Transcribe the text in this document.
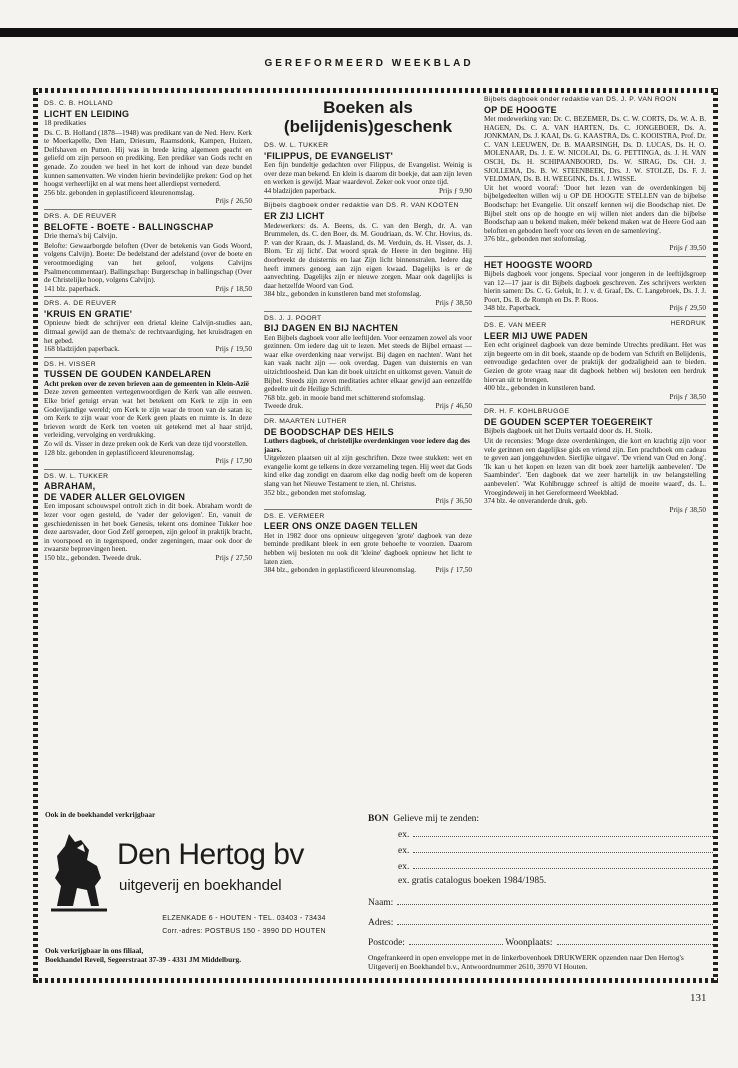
GEREFORMEERD WEEKBLAD
DS. C. B. HOLLAND
LICHT EN LEIDING
18 predikaties

Ds. C. B. Holland (1878—1948) was predikant van de Ned. Herv. Kerk te Moerkapelle, Den Ham, Driesum, Raamsdonk, Kampen, Huizen, Delfshaven en Putten. Hij was in brede kring algemeen geacht en geliefd om zijn persoon en prediking. Een prediker van Gods recht en genade. Zo zouden we heel in het kort de inhoud van deze bundel kunnen samenvatten. We vinden hierin bevindelijke preken: God op het hoogst verheerlijkt en al wat mens heet allerdiepst vernederd.

256 blz. gebonden in geplastificeerd kleurenomslag.
Prijs ƒ 26,50
DRS. A. DE REUVER
BELOFTE - BOETE - BALLINGSCHAP
Drie thema's bij Calvijn.

Belofte: Gewaarborgde beloften (Over de betekenis van Gods Woord, volgens Calvijn). Boete: De bedelstand der adelstand (over de boete en verootmoediging van het geloof, volgens Calvijns Psalmencommentaar). Ballingschap: Burgerschap in ballingschap (Over de Christelijke hoop, volgens Calvijn).

141 blz. paperback.	Prijs ƒ 18,50
DRS. A. DE REUVER
'KRUIS EN GRATIE'

Opnieuw biedt de schrijver een drietal kleine Calvijn-studies aan, ditmaal gewijd aan de thema's: de rechtvaardiging, het kruisdragen en het gebed.

168 bladzijden paperback.	Prijs ƒ 19,50
DS. H. VISSER
TUSSEN DE GOUDEN KANDELAREN
Acht preken over de zeven brieven aan de gemeenten in Klein-Azië

Deze zeven gemeenten vertegenwoordigen de Kerk van alle eeuwen. Elke brief getuigt ervan wat het betekent om Kerk te zijn in een Godevijandige wereld; om Kerk te zijn waar de troon van de satan is; om Kerk te zijn waar voor de Kerk geen plaats en ruimte is. In deze brieven wordt de Kerk ten voeten uit getekend met al haar strijd, verleiding, vervolging en verdrukking.

Zo wil ds. Visser in deze preken ook de Kerk van deze tijd voorstellen.

128 blz. gebonden in geplastificeerd kleurenomslag.
Prijs ƒ 17,90
DS. W. L. TUKKER
ABRAHAM,
DE VADER ALLER GELOVIGEN

Een imposant schouwspel ontrolt zich in dit boek. Abraham wordt de lezer voor ogen gesteld, de 'vader der gelovigen'. En, vanuit de geschiedenissen in het boek Genesis, tekent ons dominee Tukker hoe deze aartsvader, door God Zelf geroepen, zijn geloof in praktijk bracht, in voorspoed en in tegenspoed, onder zegeningen, maar ook door de zwaarste beproevingen heen.

150 blz., gebonden. Tweede druk.	Prijs ƒ 27,50
Boeken als
(belijdenis)geschenk
DS. W. L. TUKKER
'FILIPPUS, DE EVANGELIST'

Een fijn bundeltje gedachten over Filippus, de Evangelist. Weinig is over deze man bekend. En klein is daarom dit boekje, dat aan zijn leven en werken is gewijd. Maar waardevol. Zeker ook voor onze tijd.

44 bladzijden paperback.	Prijs ƒ 9,90
Bijbels dagboek onder redaktie van DS. R. VAN KOOTEN
ER ZIJ LICHT

Medewerkers: ds. A. Beens, ds. C. van den Bergh, dr. A. van Brummelen, ds. C. den Boer, ds. M. Goudriaan, ds. W. Chr. Hovius, ds. P. van der Kraan, ds. J. Maasland, ds. M. Verduin, ds. H. Visser, ds. J. Blom. 'Er zij licht'. Dat woord sprak de Heere in den beginne. Hij doorbreekt de duisternis en laat Zijn licht binnenstralen. Iedere dag heeft immers genoeg aan zijn eigen kwaad. Dagelijks is er de aanvechting. Dagelijks zijn er nieuwe zorgen. Maar ook dagelijks is daar hetzelfde Woord van God.

384 blz., gebonden in kunstleren band met stofomslag.
Prijs ƒ 38,50
DS. J. J. POORT
BIJ DAGEN EN BIJ NACHTEN

Een Bijbels dagboek voor alle leeftijden. Voor eenzamen zowel als voor gezinnen. Om iedere dag uit te lezen. Met steeds de Bijbel ernaast — waar elke overdenking naar verwijst. Bij dagen en nachten'. Want het kan vaak nacht zijn — ook overdag. Dagen van duisternis en van uitzichtloosheid. Dan kan dit boek uitzicht en uitkomst geven. Vanuit de Bijbel. Steeds zijn zeven meditaties achter elkaar gewijd aan eenzelfde gedeelte uit de Heilige Schrift.

768 blz. geb. in mooie band met schitterend stofomslag.
Tweede druk.	Prijs ƒ 46,50
DR. MAARTEN LUTHER
DE BOODSCHAP DES HEILS
Luthers dagboek, of christelijke overdenkingen voor iedere dag des jaars.

Uitgelezen plaatsen uit al zijn geschriften. Deze twee stukken: wet en evangelie komt ge telkens in deze verzameling tegen. Hij weet dat Gods kind elke dag zondigt en daarom elke dag nodig heeft om de koperen slang van het Nieuwe Testament te zien, nl. Christus.

352 blz., gebonden met stofomslag.
Prijs ƒ 36,50
DS. E. VERMEER
LEER ONS ONZE DAGEN TELLEN

Het in 1982 door ons opnieuw uitgegeven 'grote' dagboek van deze beminde predikant bleek in een grote behoefte te voorzien. Daarom hebben wij besloten nu ook dit 'kleine' dagboek opnieuw het licht te laten zien.

384 blz., gebonden in geplastificeerd kleurenomslag.	Prijs ƒ 17,50
Bijbels dagboek onder redaktie van DS. J. P. VAN ROON
OP DE HOOGTE

Met medewerking van: Dr. C. BEZEMER, Ds. C. W. CORTS, Ds. W. A. B. HAGEN, Ds. C. A. VAN HARTEN, Ds. C. JONGEBOER, Ds. A. JONKMAN, Ds. J. KAAI, Ds. G. KAASTRA, Ds. C. KOOISTRA, Prof. Dr. C. VAN LEEUWEN, Dr. B. MAARSINGH, Ds. D. LUCAS, Ds. H. O. MOLENAAR, Ds. J. E. W. NICOLAI, Ds. G. PETTINGA, ds. J. H. VAN OSCH, Ds. H. SCHIPAANBOORD, Ds. W. SIRAG, Ds. CH. J. SJOLLEMA, Ds. B. W. STEENBEEK, Drs. J. W. STOLZE, Ds. F. J. VELDMAN, Ds. B. H. WEEGINK, Ds. I. J. WISSE.

Uit het woord vooraf: 'Door het lezen van de overdenkingen bij bijbelgedeelten willen wij u OP DE HOOGTE STELLEN van de bijbelse Boodschap: het Evangelie. Uit onszelf kennen wij die Boodschap niet. De Bijbel stelt ons op de hoogte en wij willen niet anders dan die bijbelse Boodschap aan u bekend maken, méér bekend maken wat de Heere God aan beloften en geboden heeft voor ons leven en de samenleving'.

376 blz., gebonden met stofomslag.
Prijs ƒ 39,50
HET HOOGSTE WOORD

Bijbels dagboek voor jongens. Speciaal voor jongeren in de leeftijdsgroep van 12—17 jaar is dit Bijbels dagboek geschreven. Zes schrijvers werkten hierin samen: Ds. C. G. Geluk, Ir. J. v. d. Graaf, Ds. C. Langebroek, Ds. J. J. Poort, Ds. B. de Romph en Ds. P. Roos.

348 blz. Paperback.	Prijs ƒ 29,50
DS. E. VAN MEER	HERDRUK
LEER MIJ UWE PADEN

Een echt origineel dagboek van deze beminde Utrechts predikant. Het was zijn begeerte om in dit boek, staande op de bodem van Schrift en Belijdenis, eenvoudige gedachten over de praktijk der godzaligheid aan te bieden. Gezien de grote vraag naar dit dagboek hebben wij besloten een herdruk hiervan uit te brengen.

400 blz., gebonden in kunstleren band.
Prijs ƒ 38,50
DR. H. F. KOHLBRUGGE
DE GOUDEN SCEPTER TOEGEREIKT
Bijbels dagboek uit het Duits vertaald door ds. H. Stolk.

Uit de recensies: 'Moge deze overdenkingen, die kort en krachtig zijn voor vele gerinnen een dagelijkse gids en vriend zijn. Een prachtboek om cadeau te geven aan jonggehuwden. Sierlijke uitgave'. 'De vriend van Oud en Jong'. 'Ik kan u het kopen en lezen van dit boek zeer hartelijk aanbevelen'. 'De Saambinder'. 'Een dagboek dat we zeer hartelijk in uw belangstelling aanbevelen'. 'Wat Kohlbrugge schreef is altijd de moeite waard', ds. L. Vroegindeweij in het Gereformeerd Weekblad.

374 blz. 4e onveranderde druk, geb.
Prijs ƒ 38,50
Ook in de boekhandel verkrijgbaar
Den Hertog bv
uitgeverij en boekhandel
ELZENKADE 6 - HOUTEN - TEL. 03403 - 73434
Corr.-adres: POSTBUS 150 - 3990 DD HOUTEN
Ook verkrijgbaar in ons filiaal,
Boekhandel Reveil, Segeerstraat 37-39 - 4331 JM Middelburg.
BON
Gelieve mij te zenden:
ex.
ex.
ex.
ex. gratis catalogus boeken 1984/1985.
Naam:
Adres:
Postcode:
	Woonplaats:
Ongefrankeerd in open enveloppe met in de linkerbovenhoek DRUKWERK opzenden naar Den Hertog's Uitgeverij en Boekhandel b.v., Antwoordnummer 2610, 3970 VI Houten.
131
